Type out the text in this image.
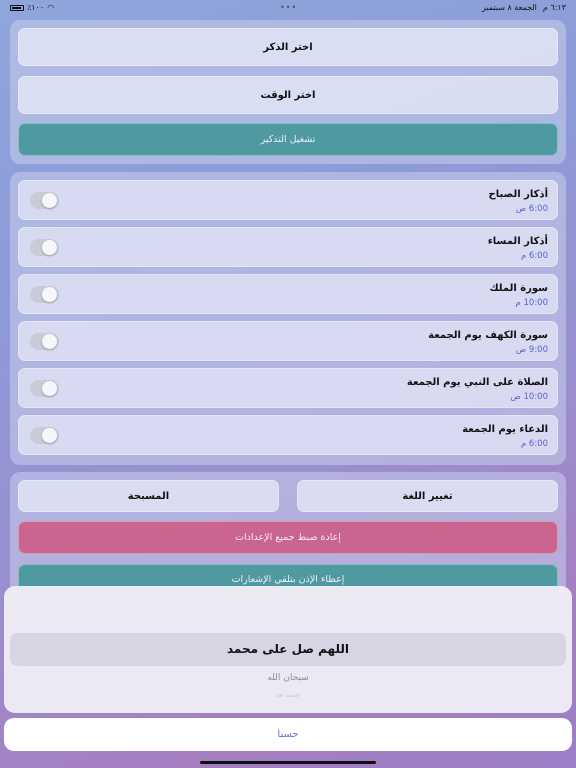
٪١٠٠ ◠	•••	٦:١٣ م
الجمعة ٨ سبتمبر
اختر الذكر
اختر الوقت
تشغيل التذكير
أذكار الصباح
6:00 ص
أذكار المساء
6:00 م
سورة الملك
10:00 م
سورة الكهف يوم الجمعة
9:00 ص
الصلاة على النبي يوم الجمعة
10:00 ص
الدعاء يوم الجمعة
6:00 م
المسبحة	تغيير اللغة
إعادة ضبط جميع الإعدادات
إعطاء الإذن بتلقي الإشعارات
اللهم صل على محمد
سبحان الله
الحمد لله
حسنا
